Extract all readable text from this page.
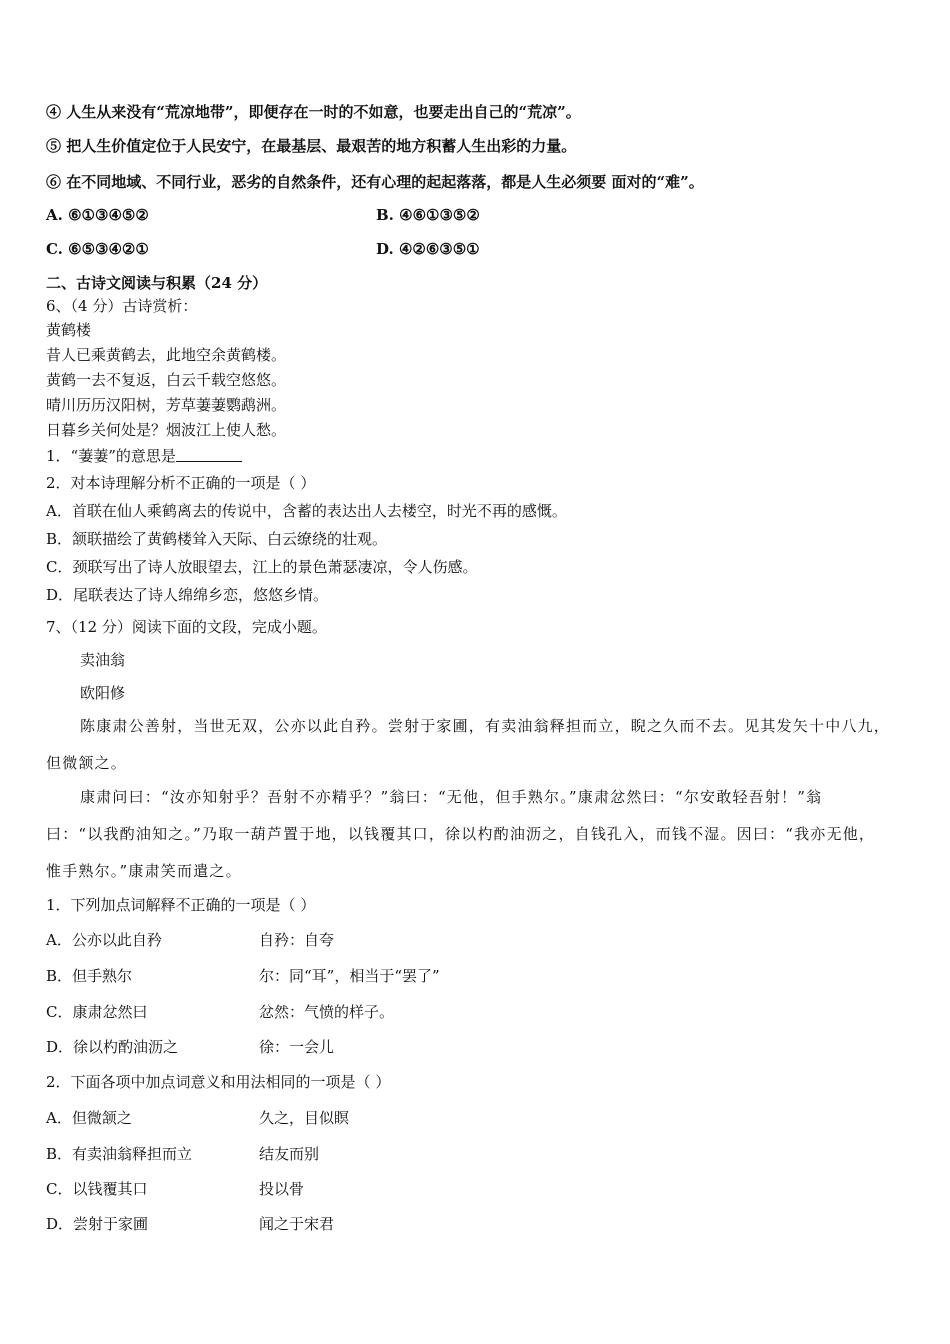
④ 人生从来没有“荒凉地带”，即便存在一时的不如意，也要走出自己的“荒凉”。
⑤ 把人生价值定位于人民安宁，在最基层、最艰苦的地方积蓄人生出彩的力量。
⑥ 在不同地域、不同行业，恶劣的自然条件，还有心理的起起落落，都是人生必须要 面对的“难”。
A. ⑥①③④⑤②	B. ④⑥①③⑤②
C. ⑥⑤③④②①	D. ④②⑥③⑤①
二、古诗文阅读与积累（24 分）
6、（4 分）古诗赏析：
黄鹤楼
昔人已乘黄鹤去，此地空余黄鹤楼。
黄鹤一去不复返，白云千载空悠悠。
晴川历历汉阳树，芳草萋萋鹦鹉洲。
日暮乡关何处是？烟波江上使人愁。
1．“萋萋”的意思是
2．对本诗理解分析不正确的一项是（ ）
A．首联在仙人乘鹤离去的传说中，含蓄的表达出人去楼空，时光不再的感慨。
B．颔联描绘了黄鹤楼耸入天际、白云缭绕的壮观。
C．颈联写出了诗人放眼望去，江上的景色萧瑟凄凉，令人伤感。
D．尾联表达了诗人绵绵乡恋，悠悠乡情。
7、（12 分）阅读下面的文段，完成小题。
卖油翁
欧阳修
陈康肃公善射，当世无双，公亦以此自矜。尝射于家圃，有卖油翁释担而立，睨之久而不去。见其发矢十中八九，
但微颔之。
康肃问曰：“汝亦知射乎？吾射不亦精乎？”翁曰：“无他，但手熟尔。”康肃忿然曰：“尔安敢轻吾射！”翁
曰：“以我酌油知之。”乃取一葫芦置于地，以钱覆其口，徐以杓酌油沥之，自钱孔入，而钱不湿。因曰：“我亦无他，
惟手熟尔。”康肃笑而遣之。
1．下列加点词解释不正确的一项是（ ）
A．公亦以此自矜	自矜：自夸
B．但手熟尔	尔：同“耳”，相当于“罢了”
C．康肃忿然曰	忿然：气愤的样子。
D．徐以杓酌油沥之	徐：一会儿
2．下面各项中加点词意义和用法相同的一项是（ ）
A．但微颔之	久之，目似瞑
B．有卖油翁释担而立	结友而别
C．以钱覆其口	投以骨
D．尝射于家圃	闻之于宋君
